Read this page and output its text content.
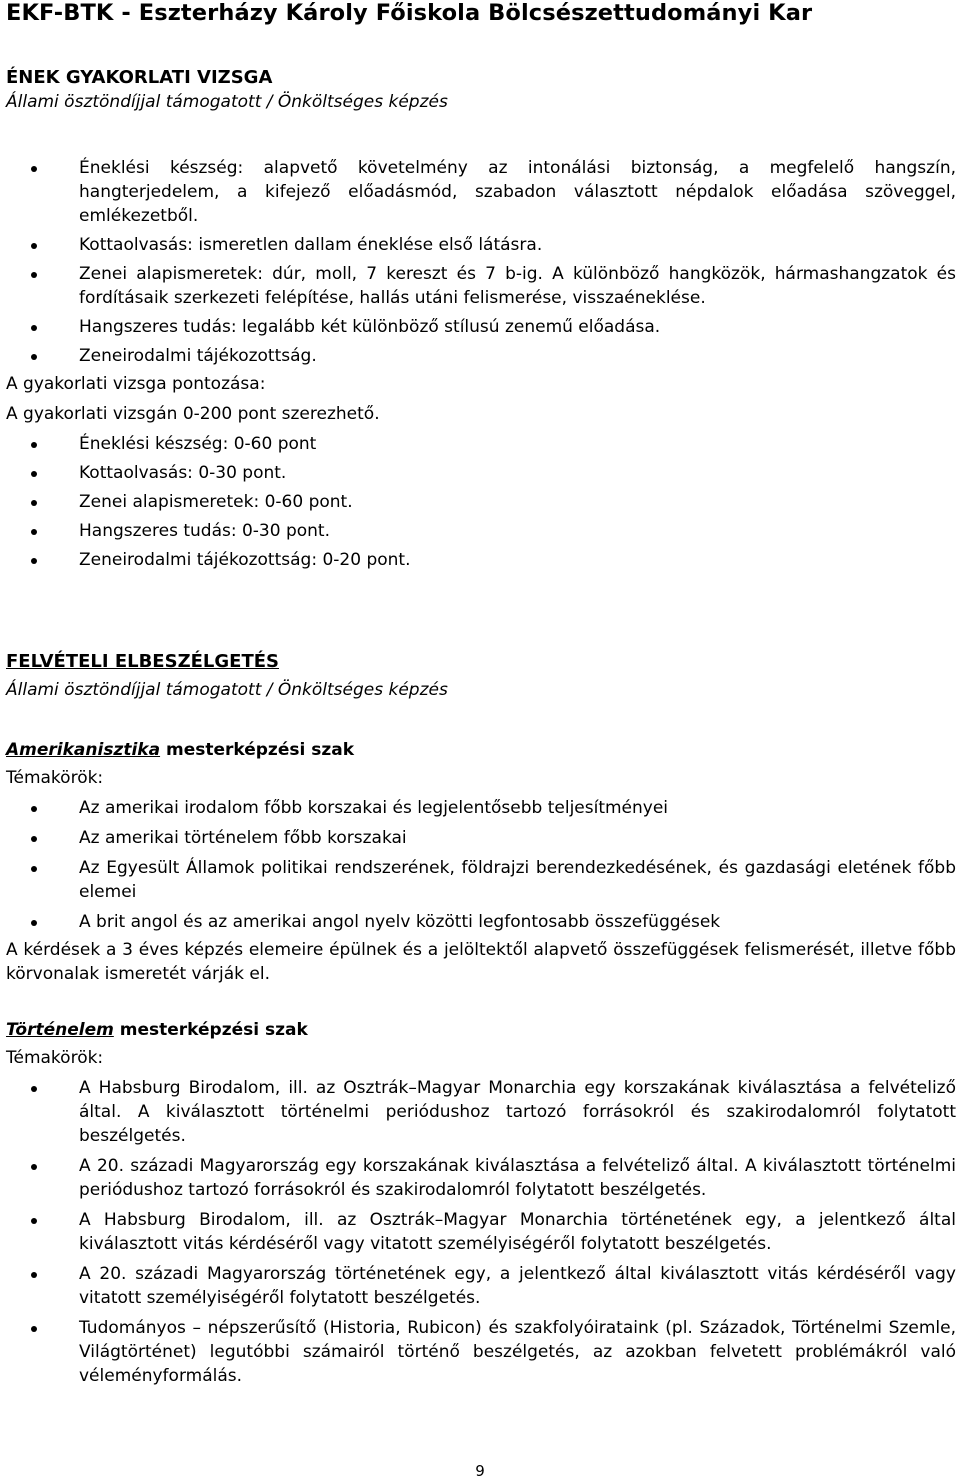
EKF-BTK - Eszterházy Károly Főiskola Bölcsészettudományi Kar
ÉNEK GYAKORLATI VIZSGA
Állami ösztöndíjjal támogatott / Önköltséges képzés
Éneklési készség: alapvető követelmény az intonálási biztonság, a megfelelő hangszín, hangterjedelem, a kifejező előadásmód, szabadon választott népdalok előadása szöveggel, emlékezetből.
Kottaolvasás: ismeretlen dallam éneklése első látásra.
Zenei alapismeretek: dúr, moll, 7 kereszt és 7 b-ig. A különböző hangközök, hármashangzatok és fordításaik szerkezeti felépítése, hallás utáni felismerése, visszaéneklése.
Hangszeres tudás: legalább két különböző stílusú zenemű előadása.
Zeneirodalmi tájékozottság.
A gyakorlati vizsga pontozása:
A gyakorlati vizsgán 0-200 pont szerezhető.
Éneklési készség: 0-60 pont
Kottaolvasás: 0-30 pont.
Zenei alapismeretek: 0-60 pont.
Hangszeres tudás: 0-30 pont.
Zeneirodalmi tájékozottság: 0-20 pont.
FELVÉTELI ELBESZÉLGETÉS
Állami ösztöndíjjal támogatott / Önköltséges képzés
Amerikanisztika mesterképzési szak
Témakörök:
Az amerikai irodalom főbb korszakai és legjelentősebb teljesítményei
Az amerikai történelem főbb korszakai
Az Egyesült Államok politikai rendszerének, földrajzi berendezkedésének, és gazdasági eletének főbb elemei
A brit angol és az amerikai angol nyelv közötti legfontosabb összefüggések
A kérdések a 3 éves képzés elemeire épülnek és a jelöltektől alapvető összefüggések felismerését, illetve főbb körvonalak ismeretét várják el.
Történelem mesterképzési szak
Témakörök:
A Habsburg Birodalom, ill. az Osztrák–Magyar Monarchia egy korszakának kiválasztása a felvételiző által. A kiválasztott történelmi periódushoz tartozó forrásokról és szakirodalomról folytatott beszélgetés.
A 20. századi Magyarország egy korszakának kiválasztása a felvételiző által. A kiválasztott történelmi periódushoz tartozó forrásokról és szakirodalomról folytatott beszélgetés.
A Habsburg Birodalom, ill. az Osztrák–Magyar Monarchia történetének egy, a jelentkező által kiválasztott vitás kérdéséről vagy vitatott személyiségéről folytatott beszélgetés.
A 20. századi Magyarország történetének egy, a jelentkező által kiválasztott vitás kérdéséről vagy vitatott személyiségéről folytatott beszélgetés.
Tudományos – népszerűsítő (Historia, Rubicon) és szakfolyóirataink (pl. Századok, Történelmi Szemle, Világtörténet) legutóbbi számairól történő beszélgetés, az azokban felvetett problémákról való véleményformálás.
9
